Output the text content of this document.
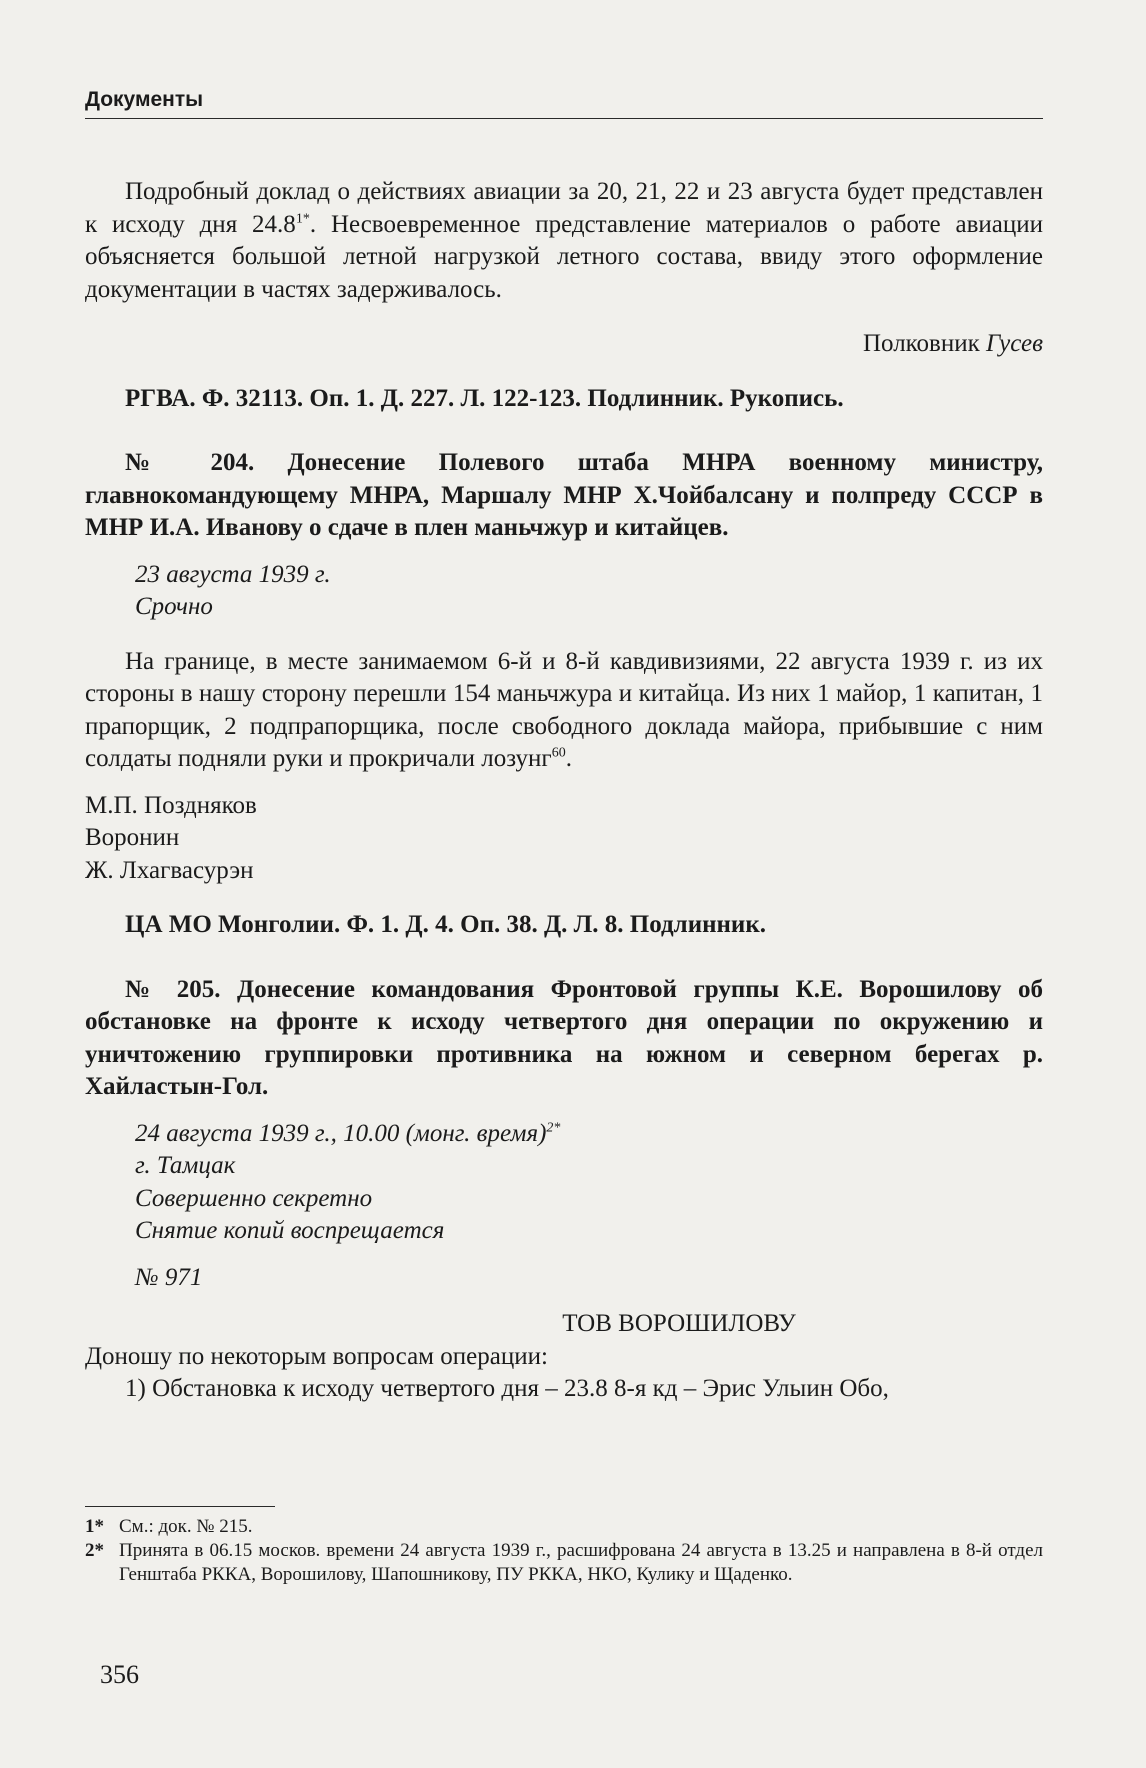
Документы

Подробный доклад о действиях авиации за 20, 21, 22 и 23 августа будет представлен к исходу дня $24.8^{1*}$. Несвоевременное представление материалов о работе авиации объясняется большой летной нагрузкой летного состава, ввиду этого оформление документации в частях задерживалось.

Полковник Гусев

РГВА. Ф. 32113. Оп. 1. Д. 227. Л. 122-123. Подлинник. Рукопись.

№ 204. Донесение Полевого штаба МНРА военному министру, главнокомандующему МНРА, Маршалу МНР Х.Чойбалсану и полпреду СССР в МНР И.А. Иванову о сдаче в плен маньчжур и китайцев.

23 августа 1939 г.

Срочно

На границе, в месте занимаемом 6-й и 8-й кавдивизиями, 22 августа 1939 г. из их стороны в нашу сторону перешли 154 маньчжура и китайца. Из них 1 майор, 1 капитан, 1 прапорщик, 2 подпрапорщика, после свободного доклада майора, прибывшие с ним солдаты подняли руки и прокричали лозунг$^{60}$.

М.П. Поздняков

Воронин

Ж. Лхагвасурэн

ЦА МО Монголии. Ф. 1. Д. 4. Оп. 38. Д. Л. 8. Подлинник.

№ 205. Донесение командования Фронтовой группы К.Е. Ворошилову об обстановке на фронте к исходу четвертого дня операции по окружению и уничтожению группировки противника на южном и северном берегах р. Хайластын-Гол.

24 августа 1939 г., 10.00 (монг. время)$^{2*}$

г. Тамцак

Совершенно секретно

Снятие копий воспрещается

№ 971

ТОВ ВОРОШИЛОВУ

Доношу по некоторым вопросам операции:

1) Обстановка к исходу четвертого дня – 23.8 8-я кд – Эрис Улыин Обо,

1* См.: док. № 215.
2* Принята в 06.15 москов. времени 24 августа 1939 г., расшифрована 24 августа в 13.25 и направлена в 8-й отдел Генштаба РККА, Ворошилову, Шапошникову, ПУ РККА, НКО, Кулику и Щаденко.
356
